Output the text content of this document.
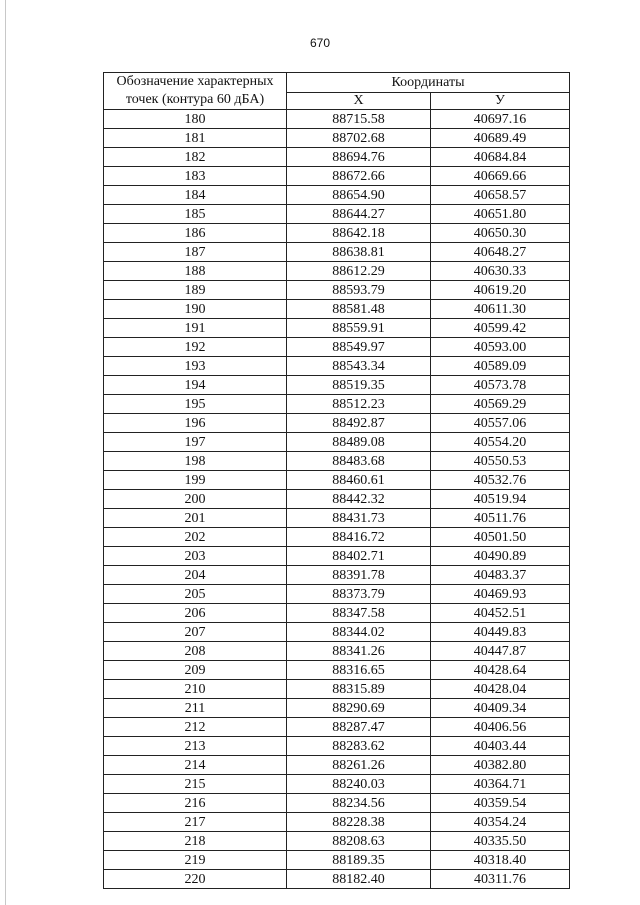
670
Обозначение характерных точек (контура 60 дБА)	Координаты	
	X	У
180	88715.58	40697.16
181	88702.68	40689.49
182	88694.76	40684.84
183	88672.66	40669.66
184	88654.90	40658.57
185	88644.27	40651.80
186	88642.18	40650.30
187	88638.81	40648.27
188	88612.29	40630.33
189	88593.79	40619.20
190	88581.48	40611.30
191	88559.91	40599.42
192	88549.97	40593.00
193	88543.34	40589.09
194	88519.35	40573.78
195	88512.23	40569.29
196	88492.87	40557.06
197	88489.08	40554.20
198	88483.68	40550.53
199	88460.61	40532.76
200	88442.32	40519.94
201	88431.73	40511.76
202	88416.72	40501.50
203	88402.71	40490.89
204	88391.78	40483.37
205	88373.79	40469.93
206	88347.58	40452.51
207	88344.02	40449.83
208	88341.26	40447.87
209	88316.65	40428.64
210	88315.89	40428.04
211	88290.69	40409.34
212	88287.47	40406.56
213	88283.62	40403.44
214	88261.26	40382.80
215	88240.03	40364.71
216	88234.56	40359.54
217	88228.38	40354.24
218	88208.63	40335.50
219	88189.35	40318.40
220	88182.40	40311.76
